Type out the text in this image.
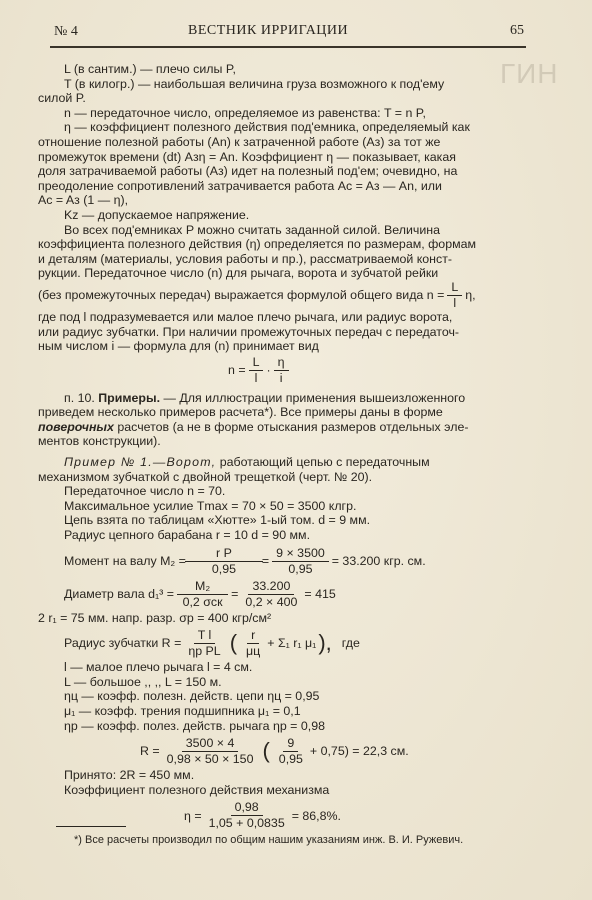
№ 4	ВЕСТНИК ИРРИГАЦИИ	65
ГИН

L (в сантим.) — плечо силы P,

T (в килогр.) — наибольшая величина груза возможного к под'ему

силой P.

n — передаточное число, определяемое из равенства: T = n P,

η — коэффициент полезного действия под'емника, определяемый как

отношение полезной работы (An) к затраченной работе (Aз) за тот же

промежуток времени (dt) Aзη = An. Коэффициент η — показывает, какая

доля затрачиваемой работы (Aз) идет на полезный под'ем; очевидно, на

преодоление сопротивлений затрачивается работа Ac = Aз — An, или

Ac = Aз (1 — η),

Kz — допускаемое напряжение.

Во всех под'емниках P можно считать заданной силой. Величина

коэффициента полезного действия (η) определяется по размерам, формам

и деталям (материалы, условия работы и пр.), рассматриваемой конст-

рукции. Передаточное число (n) для рычага, ворота и зубчатой рейки

(без промежуточных передач) выражается формулой общего вида $n = \frac{L}{l} \eta$,

где под l подразумевается или малое плечо рычага, или радиус ворота,

или радиус зубчатки. При наличии промежуточных передач с передаточ-

ным числом i — формула для (n) принимает вид

$n = \frac{L}{l} \cdot \frac{\eta}{i}$

п. 10. Примеры. — Для иллюстрации применения вышеизложенного

приведем несколько примеров расчета*). Все примеры даны в форме

поверочных расчетов (а не в форме отыскания размеров отдельных эле-

ментов конструкции).

Пример № 1.—Ворот, работающий цепью с передаточным

механизмом зубчаткой с двойной трещеткой (черт. № 20).

Передаточное число n = 70.

Максимальное усилие Tmax = 70 × 50 = 3500 клгр.

Цепь взята по таблицам «Хютте» 1-ый том. d = 9 мм.

Радиус цепного барабана r = 10 d = 90 мм.

Момент на валу $M_2 = \frac{\text{r P}}{0,95} = \frac{9 \times 3500}{0,95} = 33.200$ кгр. см.

Диаметр вала $d_1^3 = \frac{\text{M₂}}{\text{0,2 σск}} = \frac{33.200}{0,2 \times 400} = 415$

2 r₁ = 75 мм. напр. разр. σр = 400 кгр/см²

Радиус зубчатки $R = \frac{\text{T l}}{\text{ηр PL}}$ ( $\frac{r}{\mu ц} + \Sigma_1$ r₁ μ₁ ), где

l — малое плечо рычага l = 4 см.

L — большое ,, ,, L = 150 м.

ηц — коэфф. полезн. действ. цепи ηц = 0,95

μ₁ — коэфф. трения подшипника μ₁ = 0,1

ηр — коэфф. полез. действ. рычага ηр = 0,98

$R = \frac{3500 \times 4}{0,98 \times 50 \times 150}$ ( $\frac{9}{0,95} + 0,75) = 22,3$ см.

Принято: 2R = 450 мм.

Коэффициент полезного действия механизма

$\eta = \frac{0,98}{1,05 + 0,0835} = 86,8\%$.

*) Все расчеты производил по общим нашим указаниям инж. В. И. Ружевич.
